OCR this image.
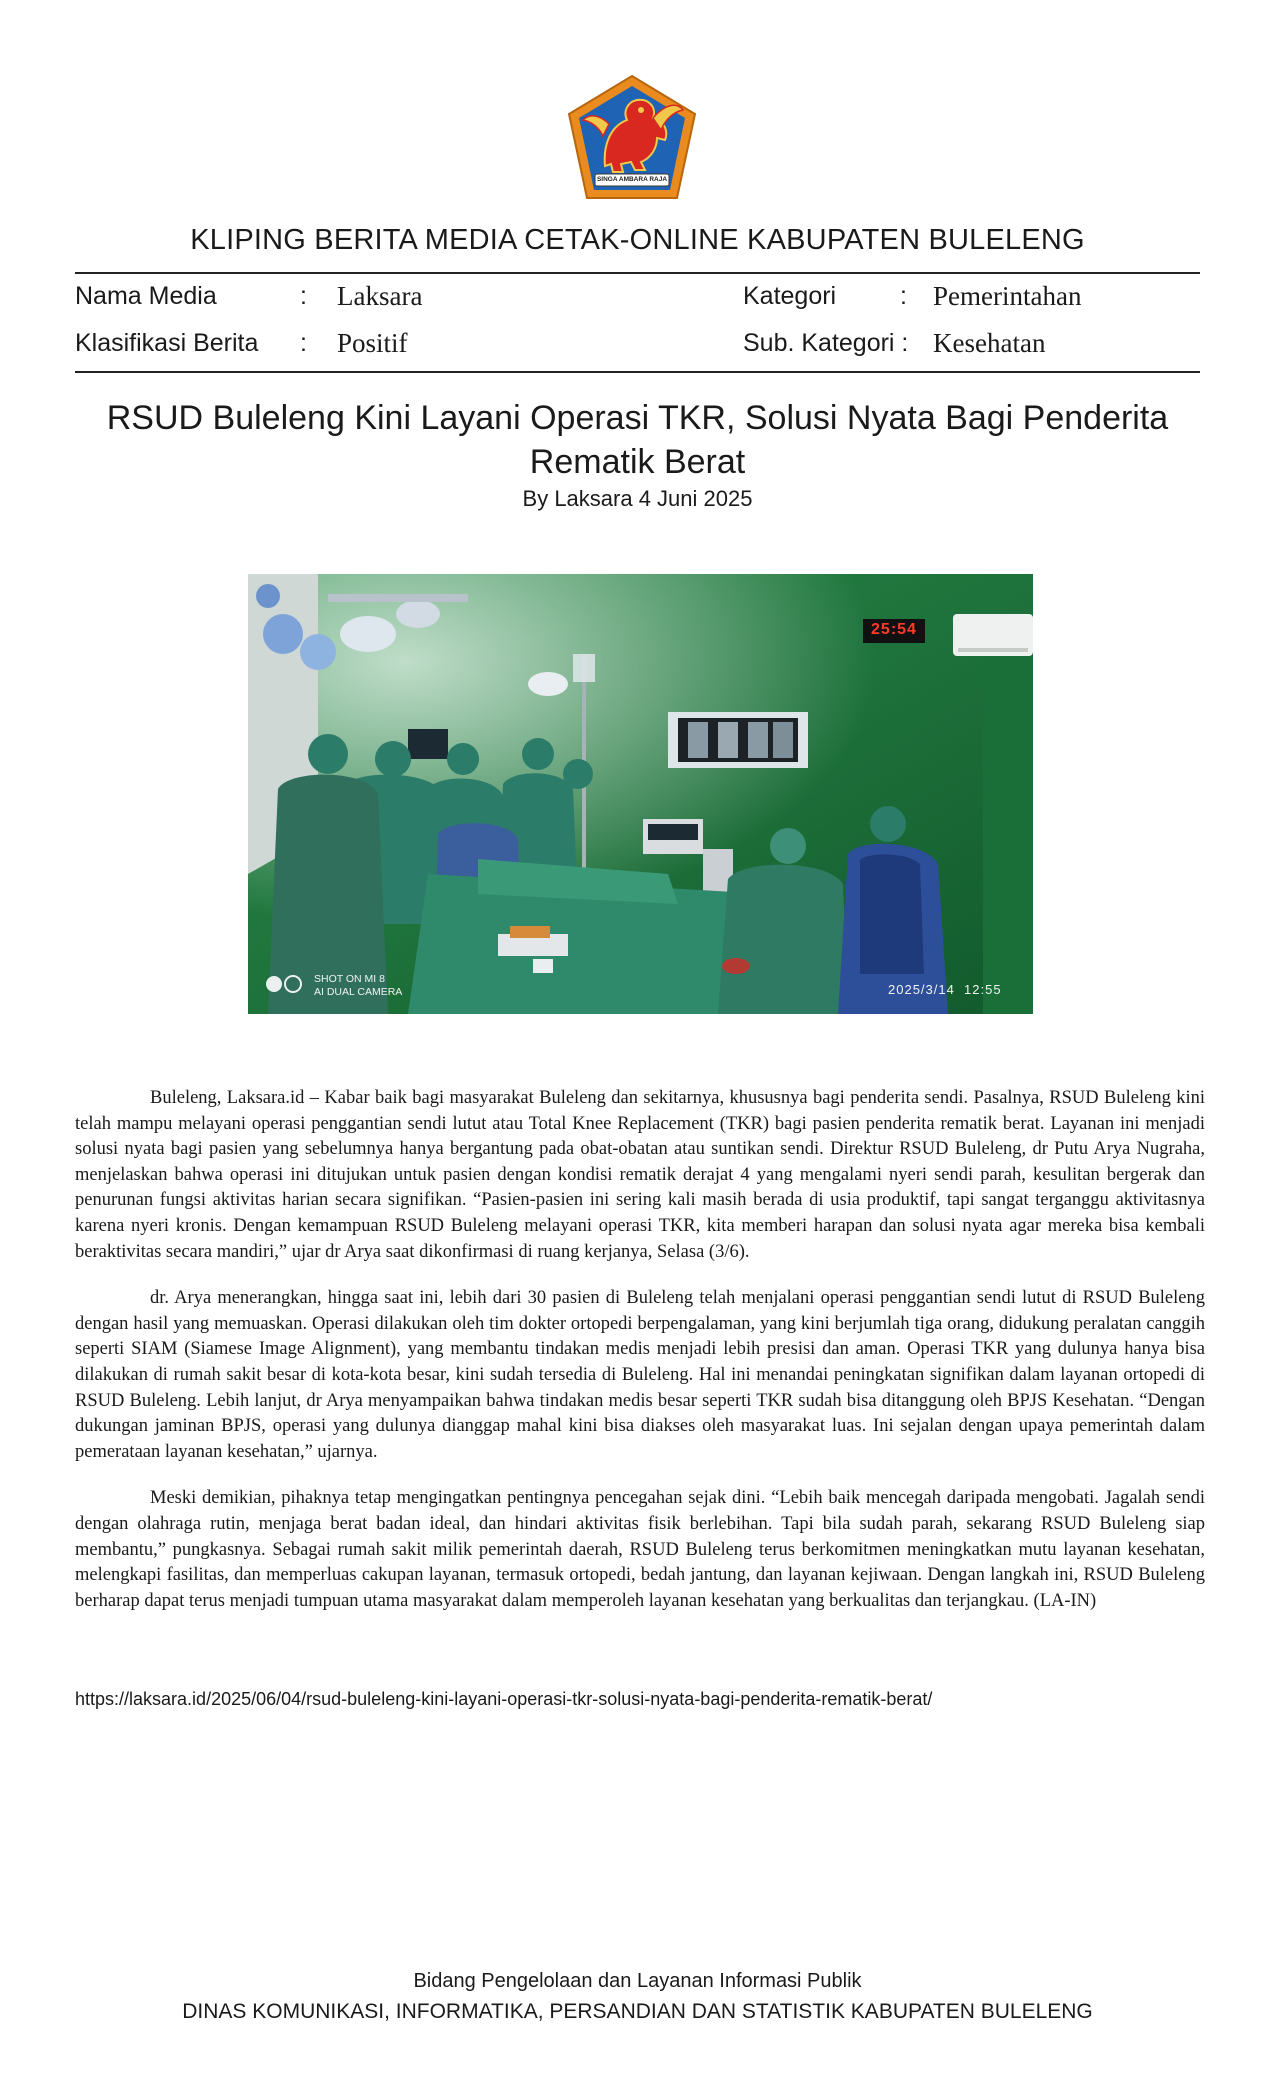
SINGA AMBARA RAJA
KLIPING BERITA MEDIA CETAK-ONLINE KABUPATEN BULELENG
Nama Media	: Laksara
Klasifikasi Berita : Positif
Kategori	: Pemerintahan
Sub. Kategori : Kesehatan
RSUD Buleleng Kini Layani Operasi TKR, Solusi Nyata Bagi Penderita Rematik Berat
By Laksara 4 Juni 2025
25:54
SHOT ON MI 8
AI DUAL CAMERA	2025/3/14  12:55

Buleleng, Laksara.id – Kabar baik bagi masyarakat Buleleng dan sekitarnya, khususnya bagi penderita sendi. Pasalnya, RSUD Buleleng kini telah mampu melayani operasi penggantian sendi lutut atau Total Knee Replacement (TKR) bagi pasien penderita rematik berat. Layanan ini menjadi solusi nyata bagi pasien yang sebelumnya hanya bergantung pada obat-obatan atau suntikan sendi. Direktur RSUD Buleleng, dr Putu Arya Nugraha, menjelaskan bahwa operasi ini ditujukan untuk pasien dengan kondisi rematik derajat 4 yang mengalami nyeri sendi parah, kesulitan bergerak dan penurunan fungsi aktivitas harian secara signifikan. “Pasien-pasien ini sering kali masih berada di usia produktif, tapi sangat terganggu aktivitasnya karena nyeri kronis. Dengan kemampuan RSUD Buleleng melayani operasi TKR, kita memberi harapan dan solusi nyata agar mereka bisa kembali beraktivitas secara mandiri,” ujar dr Arya saat dikonfirmasi di ruang kerjanya, Selasa (3/6).

dr. Arya menerangkan, hingga saat ini, lebih dari 30 pasien di Buleleng telah menjalani operasi penggantian sendi lutut di RSUD Buleleng dengan hasil yang memuaskan. Operasi dilakukan oleh tim dokter ortopedi berpengalaman, yang kini berjumlah tiga orang, didukung peralatan canggih seperti SIAM (Siamese Image Alignment), yang membantu tindakan medis menjadi lebih presisi dan aman. Operasi TKR yang dulunya hanya bisa dilakukan di rumah sakit besar di kota-kota besar, kini sudah tersedia di Buleleng. Hal ini menandai peningkatan signifikan dalam layanan ortopedi di RSUD Buleleng. Lebih lanjut, dr Arya menyampaikan bahwa tindakan medis besar seperti TKR sudah bisa ditanggung oleh BPJS Kesehatan. “Dengan dukungan jaminan BPJS, operasi yang dulunya dianggap mahal kini bisa diakses oleh masyarakat luas. Ini sejalan dengan upaya pemerintah dalam pemerataan layanan kesehatan,” ujarnya.

Meski demikian, pihaknya tetap mengingatkan pentingnya pencegahan sejak dini. “Lebih baik mencegah daripada mengobati. Jagalah sendi dengan olahraga rutin, menjaga berat badan ideal, dan hindari aktivitas fisik berlebihan. Tapi bila sudah parah, sekarang RSUD Buleleng siap membantu,” pungkasnya. Sebagai rumah sakit milik pemerintah daerah, RSUD Buleleng terus berkomitmen meningkatkan mutu layanan kesehatan, melengkapi fasilitas, dan memperluas cakupan layanan, termasuk ortopedi, bedah jantung, dan layanan kejiwaan. Dengan langkah ini, RSUD Buleleng berharap dapat terus menjadi tumpuan utama masyarakat dalam memperoleh layanan kesehatan yang berkualitas dan terjangkau. (LA-IN)

https://laksara.id/2025/06/04/rsud-buleleng-kini-layani-operasi-tkr-solusi-nyata-bagi-penderita-rematik-berat/
Bidang Pengelolaan dan Layanan Informasi Publik
DINAS KOMUNIKASI, INFORMATIKA, PERSANDIAN DAN STATISTIK KABUPATEN BULELENG
